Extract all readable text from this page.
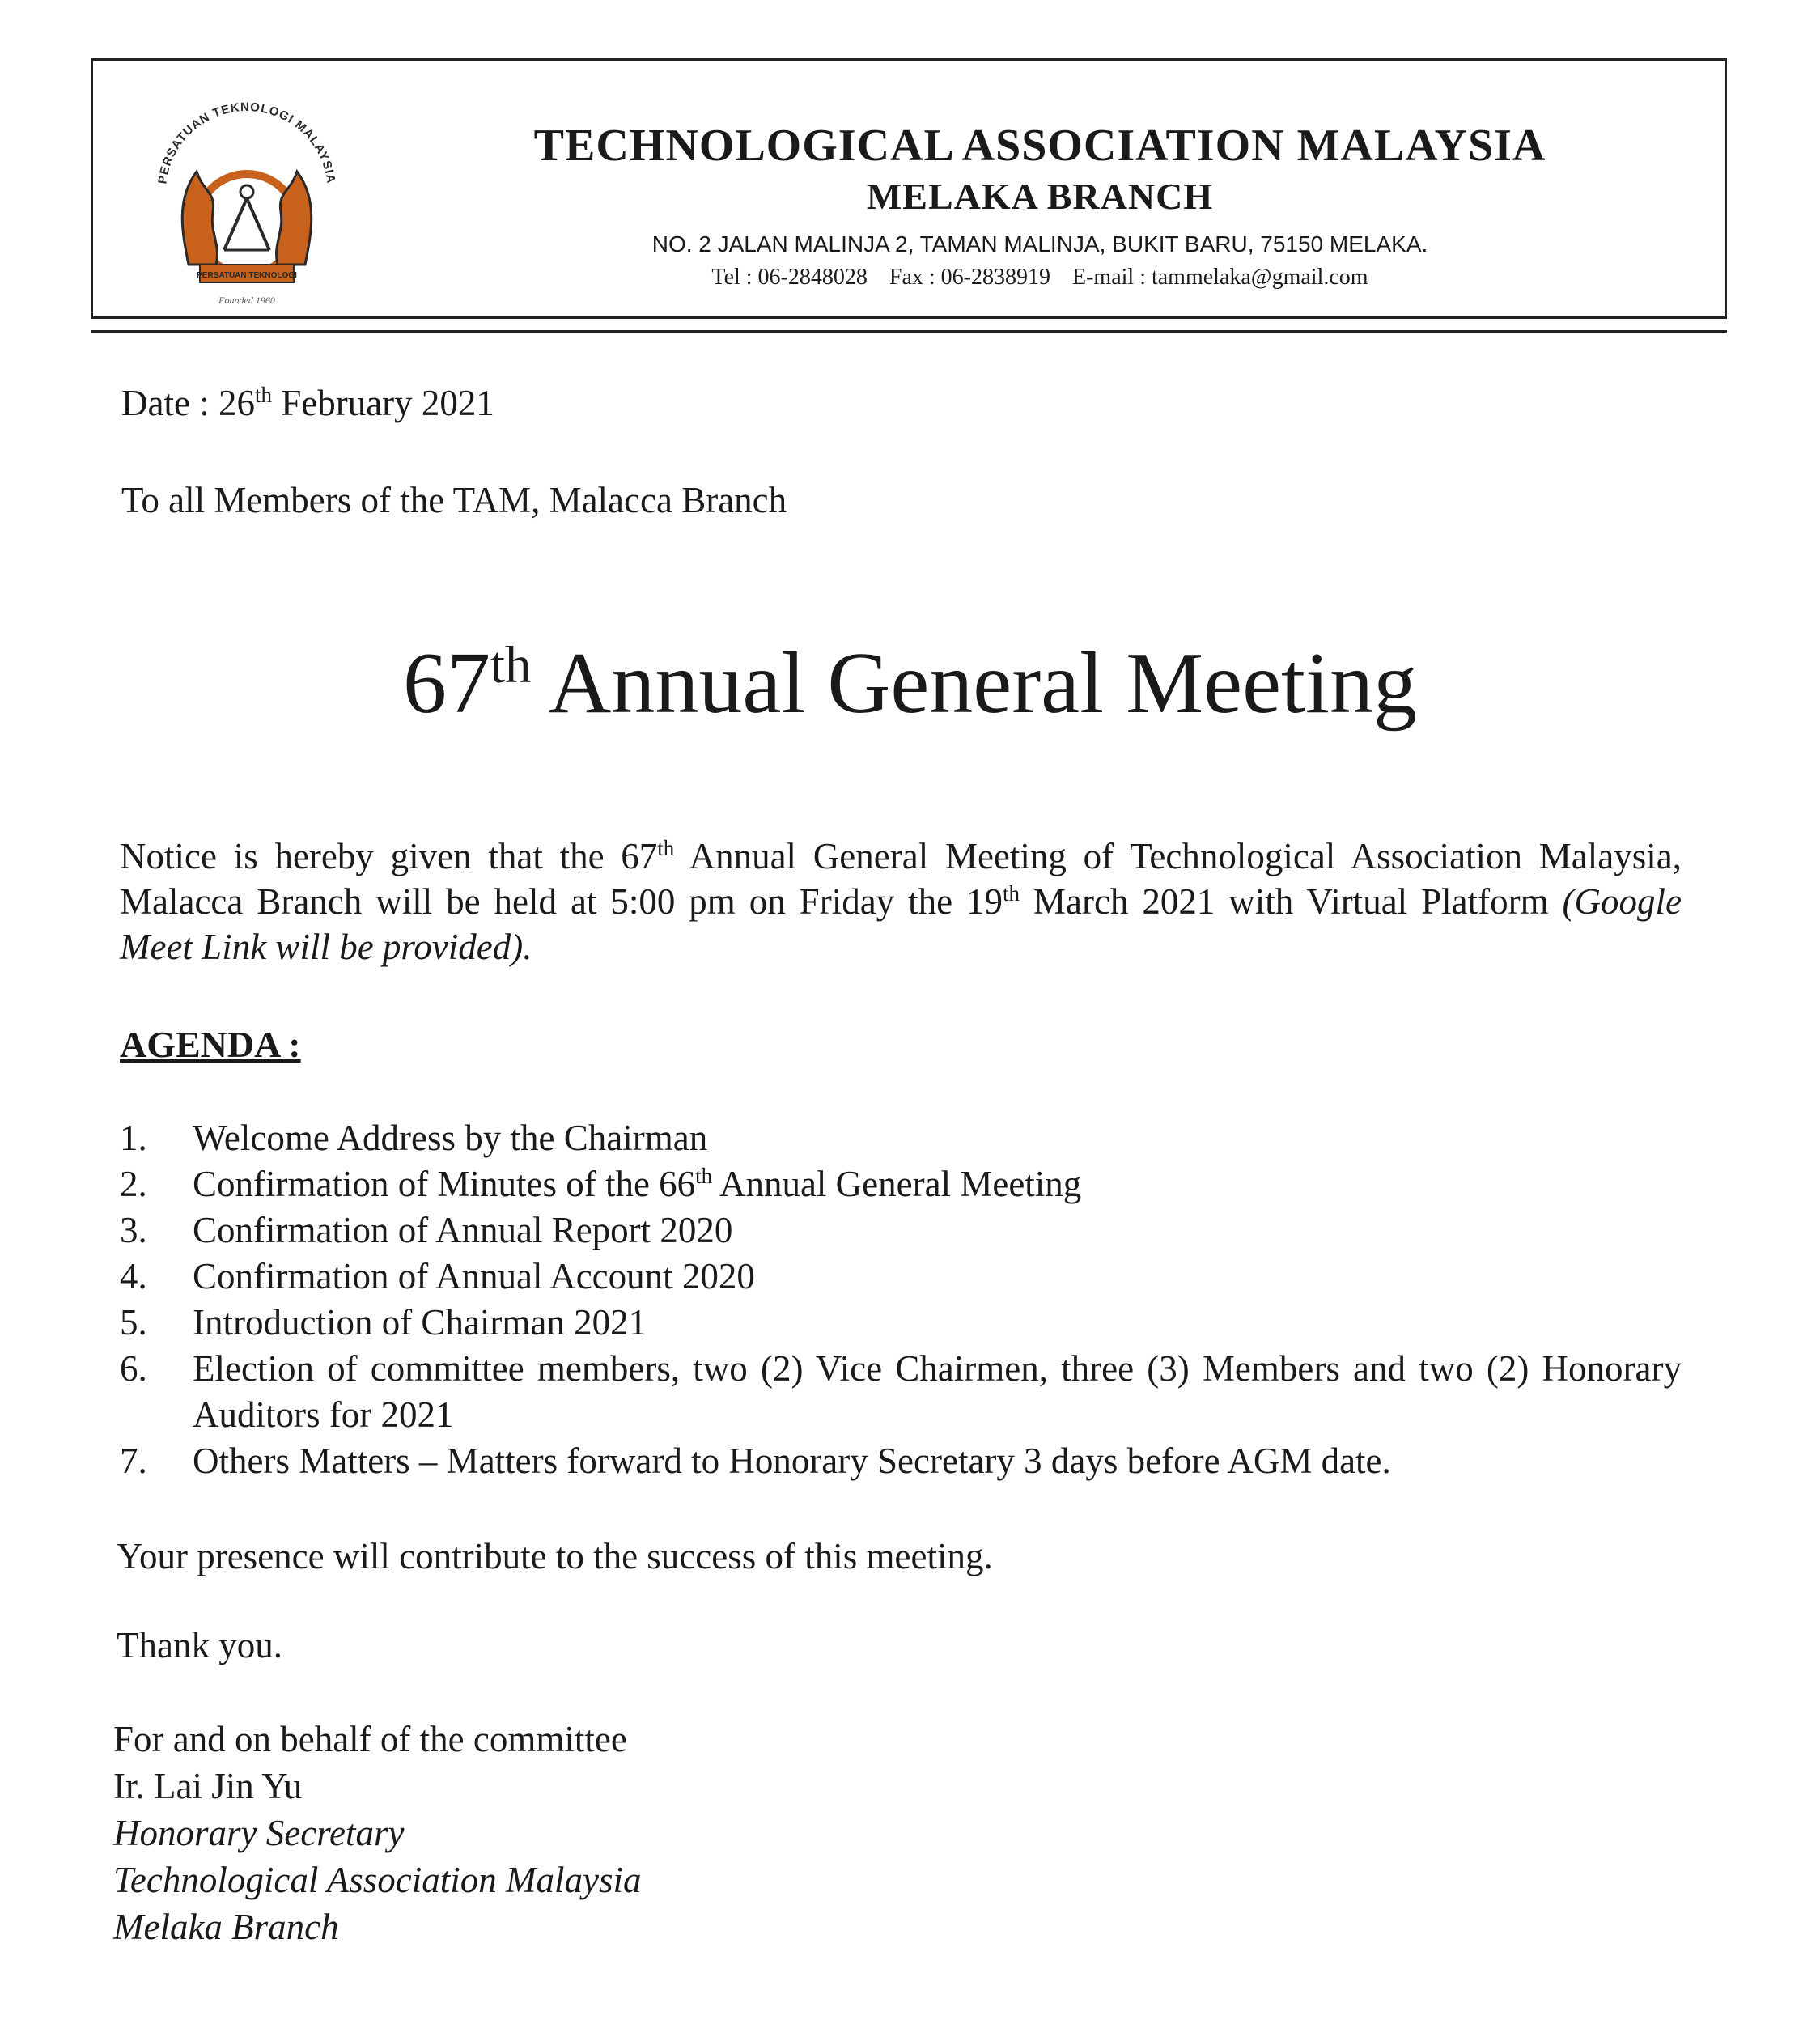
PERSATUAN TEKNOLOGI MALAYSIA
PERSATUAN TEKNOLOGI
Founded 1960
TECHNOLOGICAL ASSOCIATION MALAYSIA
MELAKA BRANCH
NO. 2 JALAN MALINJA 2, TAMAN MALINJA, BUKIT BARU, 75150 MELAKA.
Tel : 06-2848028 Fax : 06-2838919 E-mail : tammelaka@gmail.com
Date : 26th February 2021
To all Members of the TAM, Malacca Branch
67th Annual General Meeting
Notice is hereby given that the 67th Annual General Meeting of Technological Association Malaysia, Malacca Branch will be held at 5:00 pm on Friday the 19th March 2021 with Virtual Platform (Google Meet Link will be provided).
AGENDA :
1.	Welcome Address by the Chairman
2.	Confirmation of Minutes of the 66th Annual General Meeting
3.	Confirmation of Annual Report 2020
4.	Confirmation of Annual Account 2020
5.	Introduction of Chairman 2021
6.	Election of committee members, two (2) Vice Chairmen, three (3) Members and two (2) Honorary Auditors for 2021
7.	Others Matters – Matters forward to Honorary Secretary 3 days before AGM date.
Your presence will contribute to the success of this meeting.
Thank you.
For and on behalf of the committee
Ir. Lai Jin Yu
Honorary Secretary
Technological Association Malaysia
Melaka Branch
